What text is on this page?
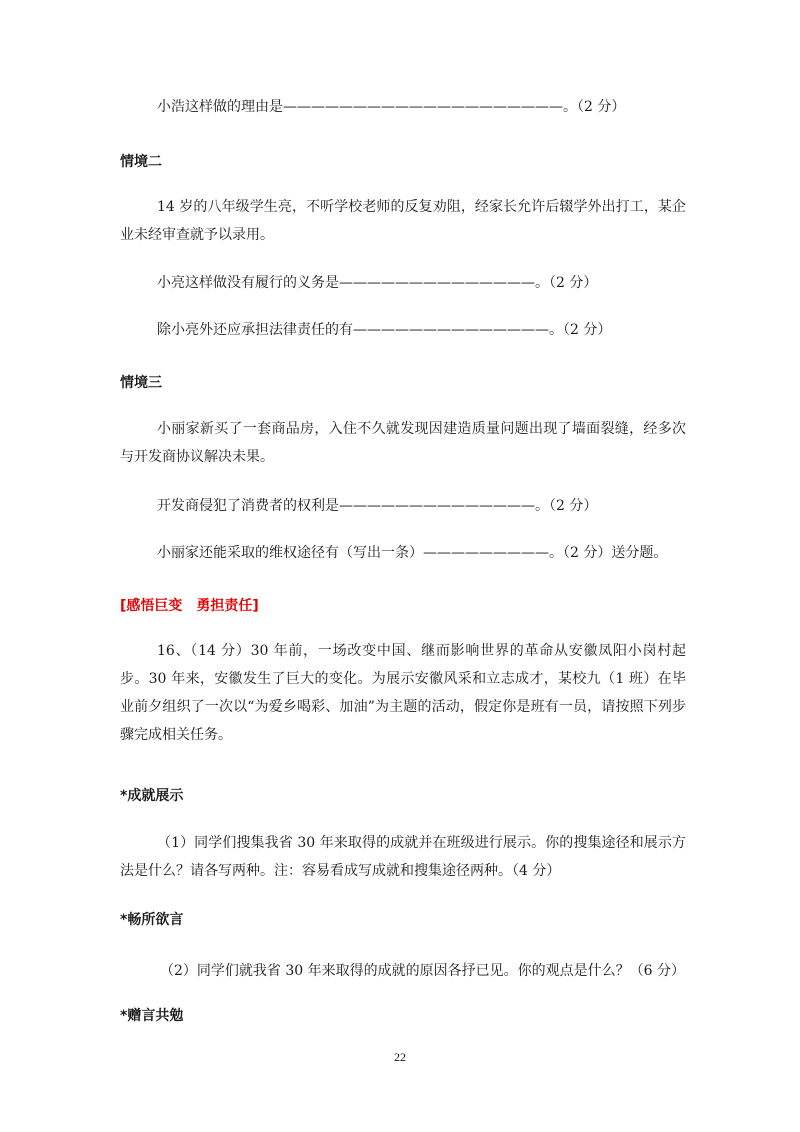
小浩这样做的理由是————————————————————。（2 分）
情境二
14 岁的八年级学生亮，不听学校老师的反复劝阻，经家长允许后辍学外出打工，某企业未经审查就予以录用。
小亮这样做没有履行的义务是——————————————。（2 分）
除小亮外还应承担法律责任的有——————————————。（2 分）
情境三
小丽家新买了一套商品房，入住不久就发现因建造质量问题出现了墙面裂缝，经多次与开发商协议解决未果。
开发商侵犯了消费者的权利是——————————————。（2 分）
小丽家还能采取的维权途径有（写出一条）—————————。（2 分）送分题。
[感悟巨变　勇担责任]
16、（14 分）30 年前，一场改变中国、继而影响世界的革命从安徽凤阳小岗村起步。30 年来，安徽发生了巨大的变化。为展示安徽风采和立志成才，某校九（1 班）在毕业前夕组织了一次以“为爱乡喝彩、加油”为主题的活动，假定你是班有一员，请按照下列步骤完成相关任务。
*成就展示
（1）同学们搜集我省 30 年来取得的成就并在班级进行展示。你的搜集途径和展示方法是什么？请各写两种。注：容易看成写成就和搜集途径两种。（4 分）
*畅所欲言
（2）同学们就我省 30 年来取得的成就的原因各抒已见。你的观点是什么？（6 分）
*赠言共勉
22
